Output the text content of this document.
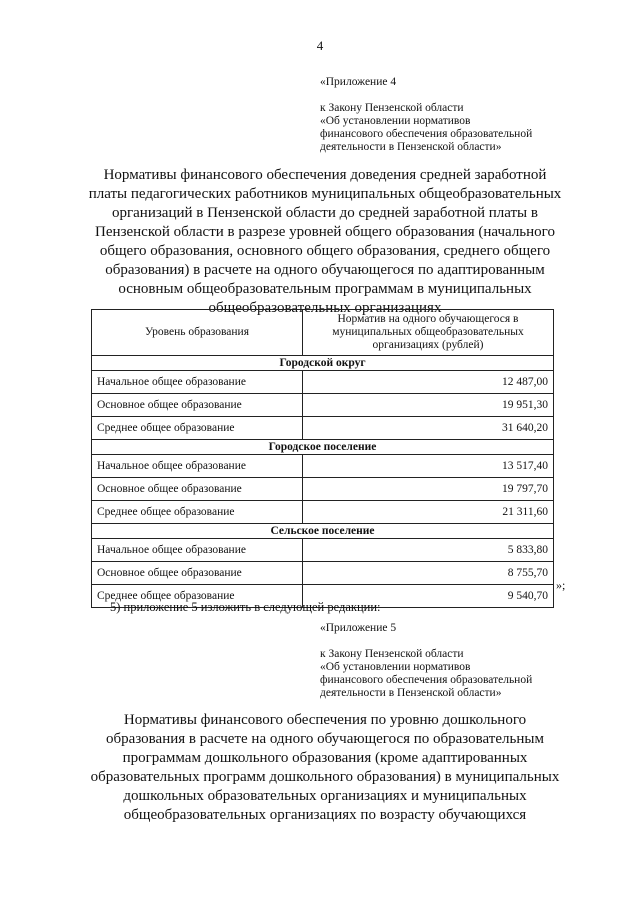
4
«Приложение 4
к Закону Пензенской области
«Об установлении нормативов
финансового обеспечения образовательной
деятельности в Пензенской области»
Нормативы финансового обеспечения доведения средней заработной
платы педагогических работников муниципальных общеобразовательных
организаций в Пензенской области до средней заработной платы в
Пензенской области в разрезе уровней общего образования (начального
общего образования, основного общего образования, среднего общего
образования) в расчете на одного обучающегося по адаптированным
основным общеобразовательным программам в муниципальных
общеобразовательных организациях
Уровень образования	Норматив на одного обучающегося в муниципальных общеобразовательных организациях (рублей)
Городской округ	
Начальное общее образование	12 487,00
Основное общее образование	19 951,30
Среднее общее образование	31 640,20
Городское поселение	
Начальное общее образование	13 517,40
Основное общее образование	19 797,70
Среднее общее образование	21 311,60
Сельское поселение	
Начальное общее образование	5 833,80
Основное общее образование	8 755,70
Среднее общее образование	9 540,70
»;
5) приложение 5 изложить в следующей редакции:
«Приложение 5
к Закону Пензенской области
«Об установлении нормативов
финансового обеспечения образовательной
деятельности в Пензенской области»
Нормативы финансового обеспечения по уровню дошкольного
образования в расчете на одного обучающегося по образовательным
программам дошкольного образования (кроме адаптированных
образовательных программ дошкольного образования) в муниципальных
дошкольных образовательных организациях и муниципальных
общеобразовательных организациях по возрасту обучающихся
